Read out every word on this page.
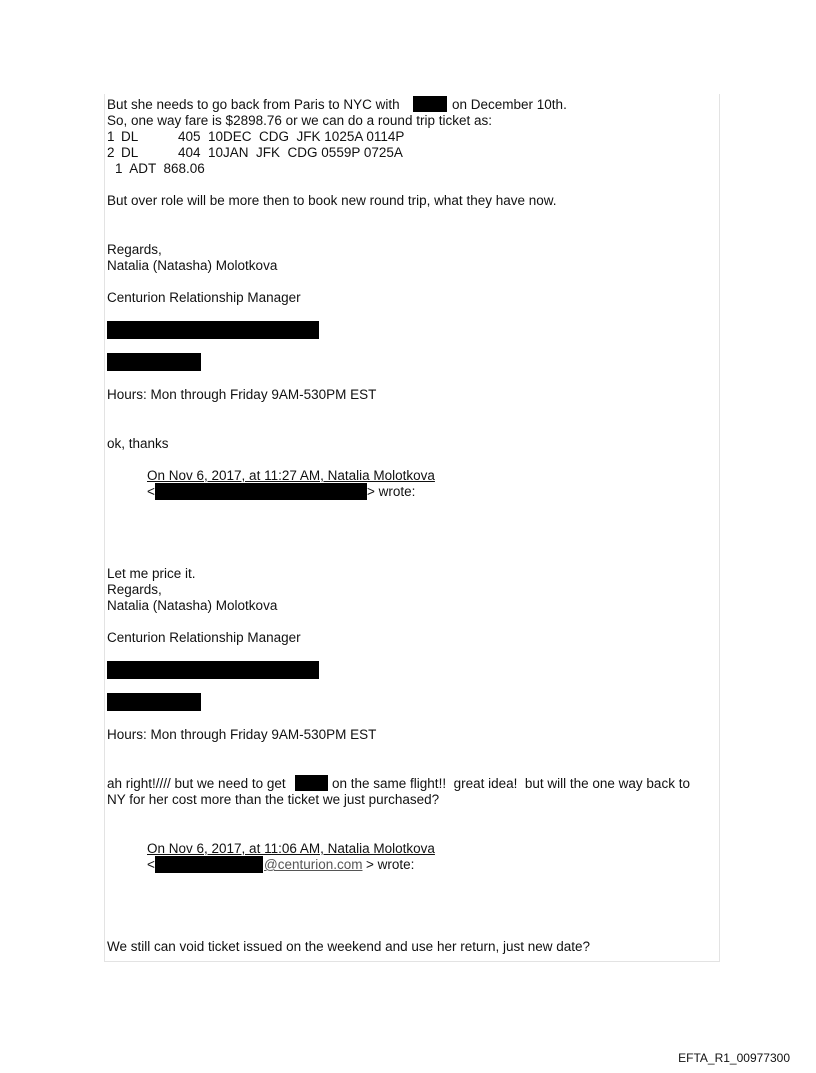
But she needs to go back from Paris to NYC with	on December 10th.
So, one way fare is $2898.76 or we can do a round trip ticket as:
1 DL	405  10DEC  CDG  JFK 1025A 0114P
2 DL	404  10JAN  JFK  CDG 0559P 0725A
1  ADT  868.06
But over role will be more then to book new round trip, what they have now.
Regards,
Natalia (Natasha) Molotkova
Centurion Relationship Manager
Hours: Mon through Friday 9AM-530PM EST
ok, thanks
On Nov 6, 2017, at 11:27 AM, Natalia Molotkova
<	> wrote:
Let me price it.
Regards,
Natalia (Natasha) Molotkova
Centurion Relationship Manager
Hours: Mon through Friday 9AM-530PM EST
ah right!//// but we need to get	on the same flight!!  great idea!  but will the one way back to
NY for her cost more than the ticket we just purchased?
On Nov 6, 2017, at 11:06 AM, Natalia Molotkova
<	@centurion.com > wrote:
We still can void ticket issued on the weekend and use her return, just new date?
EFTA_R1_00977300
